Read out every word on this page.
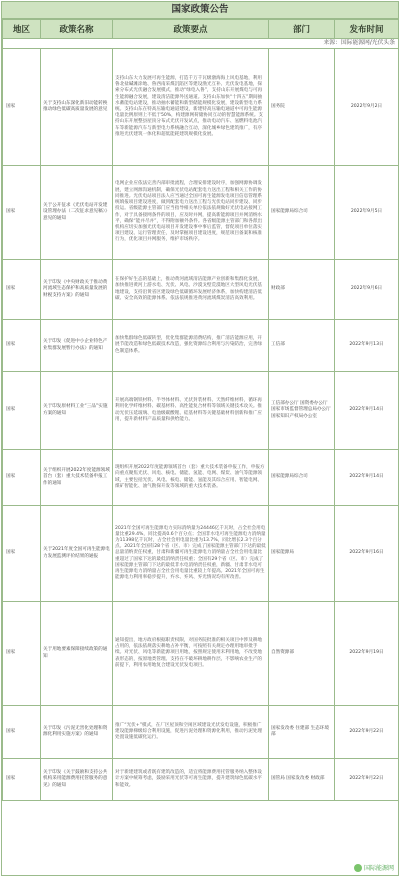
国家政策公告
地区	政策名称	政策要点	部门	发布时间
来源：国际能源网/光伏头条				
国家	关于支持山东深化新旧动能转换推动绿色低碳高质量发展的意见	支持山东大力发展可再生能源，打造千万千瓦级渤海海上风电基地，利用鲁北盐碱滩涂地、鲁西南采煤沉陷区等建设渔光互补、光伏发电基地，探索分布式光伏融合发展模式，推动“绿电入鲁”，支持山东开展煤电与可再生能源融合发展，建设清洁能源外送通道。支持山东加快“十四五”期间抽水蓄能电站建设，推动抽水蓄能和新型储能规模化发展，建设新型电力系统。支持山东在特高压输电通道建设，新建特高压输电通道中可再生能源电量比例原则上不低于50%，构建源网荷储协同互动的智慧能源系统。支持山东开展整县屋顶分布式光伏开发试点，推动电动汽车、氢燃料电池汽车等新能源汽车与新型电力系统融合互动，深化城乡绿色建筑推广，有序推进光伏建筑一体化和超低能耗建筑规模化发展。	国务院	2022年9月2日
国家	关于公开征求《光伏电站开发建设管理办法（二次征求意见稿）》意见的通知	电网企业应依法完善内部审批流程，合理安排建设时序，加强网源协调发展，建立网源沟通机制，确保光伏电站配套电力送出工程和相关工作的协同推进。光伏电站项目法人应当通过全国可再生能源发电项目信息管理系统填报项目建设进度，做到配套电力送出工程与光伏电站同步建设、同步投运。省级能源主管部门应当指导相关单位依法依规做好光伏电站接网工作，对于具备接网条件的项目，应及时并网，提高新能源项目并网消纳水平，确保“能并尽并”，不得附加额外条件。各省级能源主管部门和各派出机构应切实加强光伏电站项目开发建设事中事后监管，督促项目单位落实项目建设、运行管理责任，及时掌握项目建设进度，规范项目备案和核准行为，优化项目并网服务，维护市场秩序。	国家能源局综合司	2022年9月5日
国家	关于印发《中央财政关于推动黄河流域生态保护和高质量发展的财税支持方案》的通知	在保护好生态的基础上，推动黄河流域清洁能源产业创新和集群化发展，加快推进黄河上游水电、光伏、风电、沙漠戈壁荒漠地区大型风电光伏基地建设，支持沿黄省区建设绿色低碳循环发展经济体系，加快构建清洁低碳、安全高效的能源体系。依法依规推进黄河流域煤炭清洁高效利用。	财政部	2022年9月6日
国家	关于印发《促进中小企业特色产业集群发展暂行办法》的通知	加快集群绿色低碳转型，优化集群能源消费结构，推广清洁能源应用，开展节能改造和绿色低碳技术改造，强化资源综合利用与污染防治，完善绿色制造体系。	工信部	2022年9月13日
国家	关于印发原材料工业“三品”实施方案的通知	开展高端钢铁材料、半导体材料、光伏封装材料、天然纤维材料，循环再利用化学纤维材料、碳基材料、高性能复合材料等领域关键技术攻关。推动光伏压延玻璃、电池级碳酸锂、硅基材料等关键基础材料创新和推广应用，提升新材料产品质量和供给能力。	工信部办公厅 国资委办公厅 国家市场监督管理总局办公厅 国家知识产权局办公室	2022年9月14日
国家	关于组织开展2022年度能源领域首台（套）重大技术装备申报工作的通知	现组织开展2022年度能源领域首台（套）重大技术装备申报工作，申报方向重点聚焦光伏、风电、核电、储能、氢能、电网、煤炭、油气等能源领域，主要包括光伏、风电、核电、储能、氢能及其综合应用、智能电网、煤矿智能化、油气勘探开发等领域的重大技术装备。	国家能源局综合司	2022年9月14日
国家	关于2021年度全国可再生能源电力发展监测评价结果的通报	2021年全国可再生能源电力实际消纳量为24446亿千瓦时，占全社会用电量比重29.4%，同比提高0.6个百分点；全国非水电可再生能源电力消纳量为11398亿千瓦时，占全社会用电量比重为13.7%，同比增长2.3个百分点。2021年全国有28个省（区、市）完成了国家能源主管部门下达的最低总量消纳责任权重，甘肃和新疆可再生能源电力消纳量占全社会用电量比重超过了国家下达的最低消纳责任权重；全国有29个省（区、市）完成了国家能源主管部门下达的最低非水电消纳责任权重，新疆、甘肃非水电可再生能源电力消纳量占全社会用电量比重较上年提高。2021年全国可再生能源电力利用率稳步提升，弃水、弃风、弃光情况均有所改善。	国家能源局	2022年9月16日
国家	关于用地要素保障接续政策的通知	通知提出，地方政府根据职责权限，对国务院批准的相关项目中涉及耕地占用的，依法依规落实耕地占补平衡，可按照有关规定办理用地审批手续。对光伏、风电等新能源项目用地，按照规定使用未利用地，不改变地表形态的，按原地类管理。支持在不破坏耕地耕作层、不影响农业生产的前提下，利用农用地复合建设光伏发电项目。	自然资源部	2022年9月19日
国家	关于印发《污泥无害化处理和资源化利用实施方案》的通知	推广“光伏+”模式，在厂区屋顶和空闲区域建设光伏发电设施，积极推广建设能源梯级综合利用设施，促进污泥处理和资源化利用，推动污泥处理处置设施低碳化运行。	国家发改委 住建部 生态环境部	2022年9月22日
国家	关于印发《关于鼓励和支持公共机构采用能源费用托管服务的意见》的通知	对于新建建筑或者既有建筑改造的，适宜将能源费用托管服务纳入整体设计方案中统筹考虑，鼓励采用光伏等可再生能源，提升建筑绿色低碳水平和能效。	国管局 国家发改委 财政部	2022年9月22日
国际能源网
